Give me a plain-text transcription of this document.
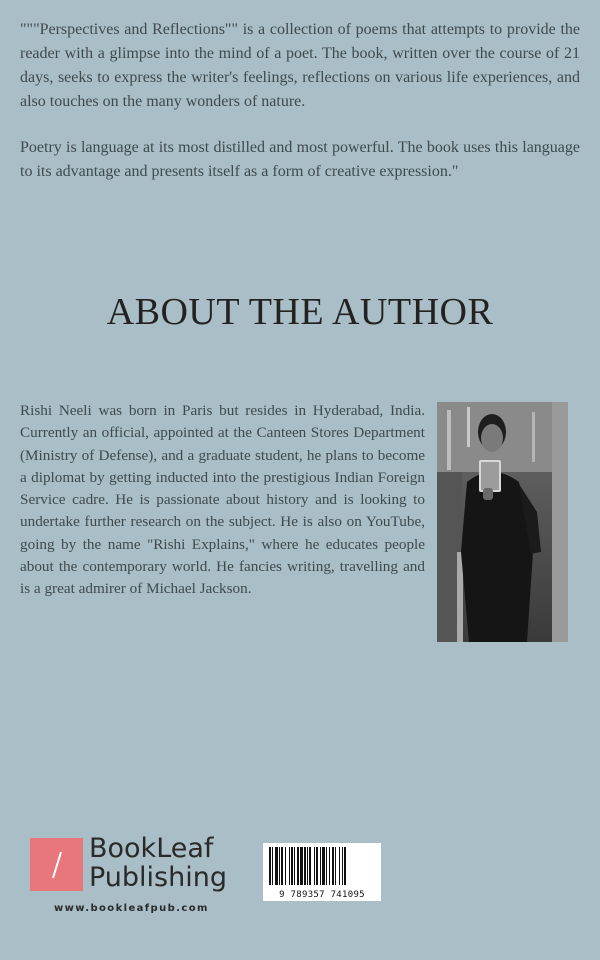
"""Perspectives and Reflections"" is a collection of poems that attempts to provide the reader with a glimpse into the mind of a poet. The book, written over the course of 21 days, seeks to express the writer's feelings, reflections on various life experiences, and also touches on the many wonders of nature.

Poetry is language at its most distilled and most powerful. The book uses this language to its advantage and presents itself as a form of creative expression."

ABOUT THE AUTHOR

Rishi Neeli was born in Paris but resides in Hyderabad, India. Currently an official, appointed at the Canteen Stores Department (Ministry of Defense), and a graduate student, he plans to become a diplomat by getting inducted into the prestigious Indian Foreign Service cadre. He is passionate about history and is looking to undertake further research on the subject. He is also on YouTube, going by the name "Rishi Explains," where he educates people about the contemporary world. He fancies writing, travelling and is a great admirer of Michael Jackson.

BookLeaf
Publishing
www.bookleafpub.com
9 789357 741095
